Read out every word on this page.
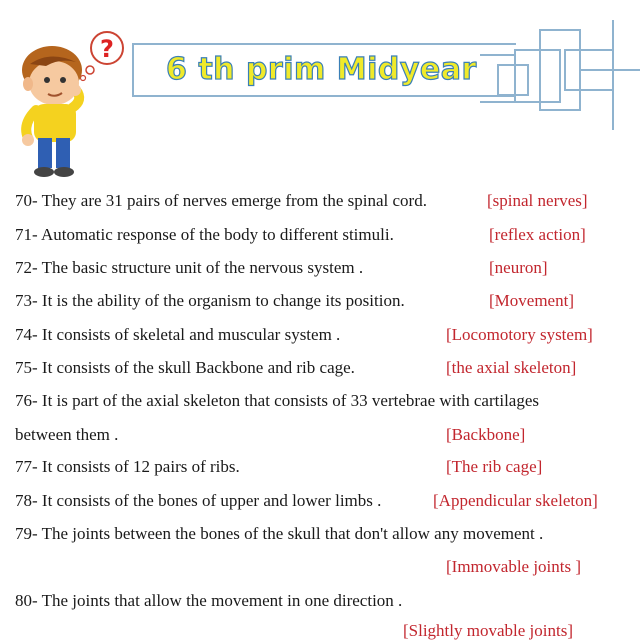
?
6 th prim Midyear
70- They are 31 pairs of nerves emerge from the spinal cord.	[spinal nerves]
71- Automatic response of the body to different stimuli.	[reflex action]
72- The basic structure unit of the nervous system .	[neuron]
73- It is the ability of the organism to change its position.	[Movement]
74- It consists of skeletal and muscular system .	[Locomotory system]
75- It consists of the skull Backbone and rib cage.	[the axial skeleton]
76- It is part of the axial skeleton that consists of 33 vertebrae with cartilages
between them .	[Backbone]
77- It consists of 12 pairs of ribs.	[The rib cage]
78- It consists of the bones of upper and lower limbs .	[Appendicular skeleton]
79- The joints between the bones of the skull that don't allow any movement .
[Immovable joints ]
80- The joints that allow the movement in one direction .
[Slightly movable joints]
